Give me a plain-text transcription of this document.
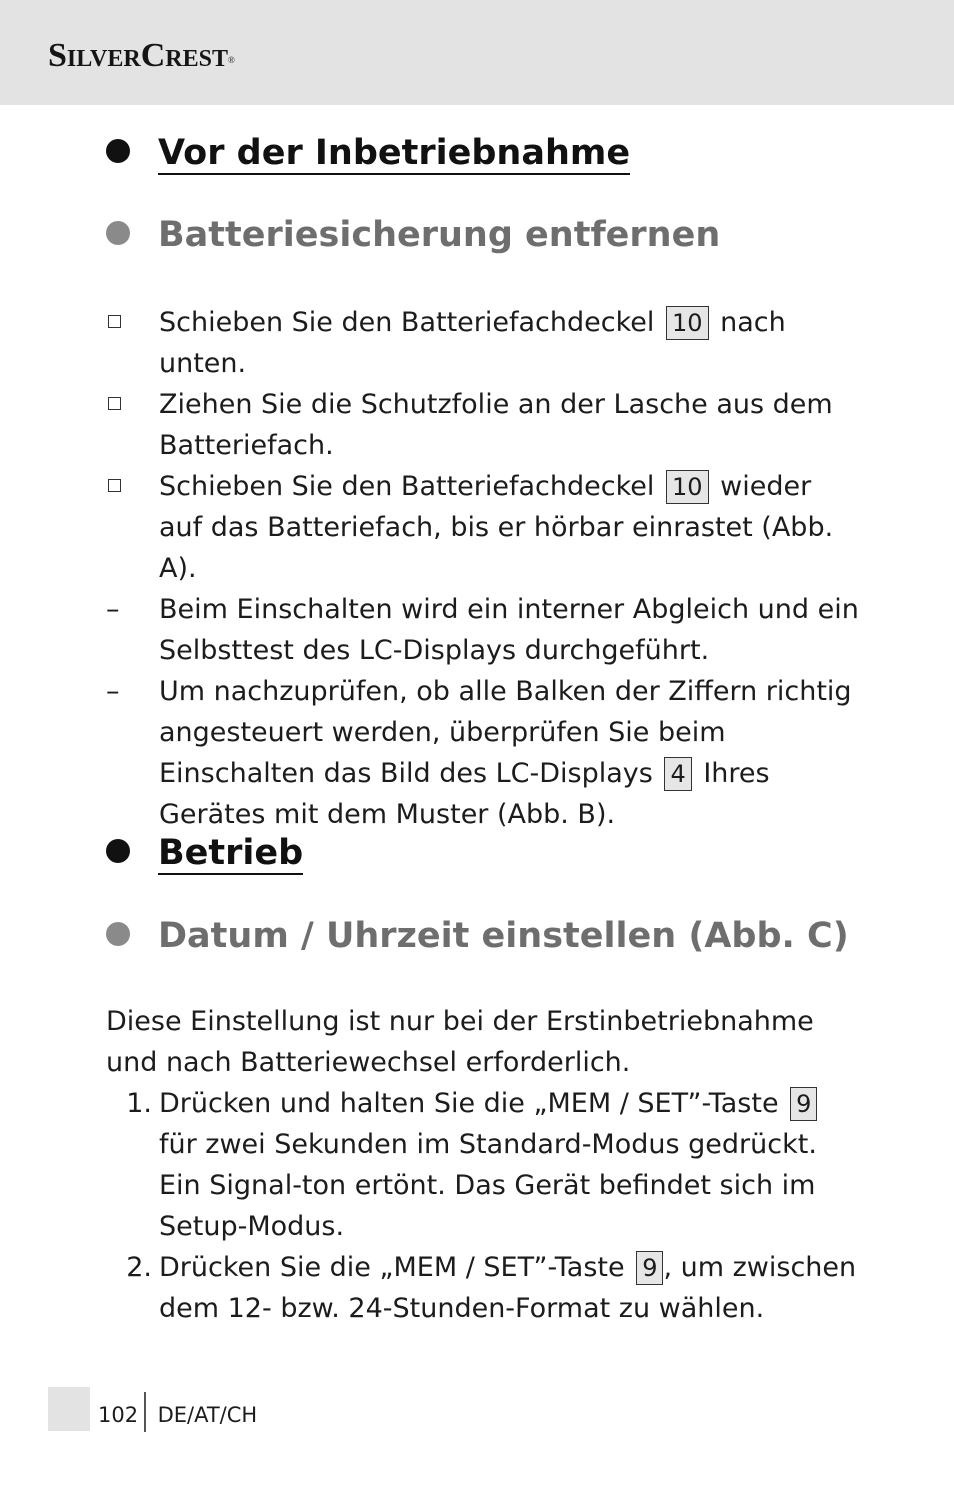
SilverCrest®
Vor der Inbetriebnahme
Batteriesicherung entfernen
Schieben Sie den Batteriefachdeckel 10 nach unten.
Ziehen Sie die Schutzfolie an der Lasche aus dem Batteriefach.
Schieben Sie den Batteriefachdeckel 10 wieder auf das Batteriefach, bis er hörbar einrastet (Abb. A).
–	Beim Einschalten wird ein interner Abgleich und ein Selbsttest des LC-Displays durchgeführt.
–	Um nachzuprüfen, ob alle Balken der Ziffern richtig angesteuert werden, überprüfen Sie beim Einschalten das Bild des LC-Displays 4 Ihres Gerätes mit dem Muster (Abb. B).
Betrieb
Datum / Uhrzeit einstellen (Abb. C)
Diese Einstellung ist nur bei der Erstinbetriebnahme und nach Batteriewechsel erforderlich.
1. Drücken und halten Sie die „MEM / SET”-Taste 9 für zwei Sekunden im Standard-Modus gedrückt. Ein Signal-ton ertönt. Das Gerät befindet sich im Setup-Modus.
2. Drücken Sie die „MEM / SET”-Taste 9 , um zwischen dem 12- bzw. 24-Stunden-Format zu wählen.
102 DE/AT/CH
